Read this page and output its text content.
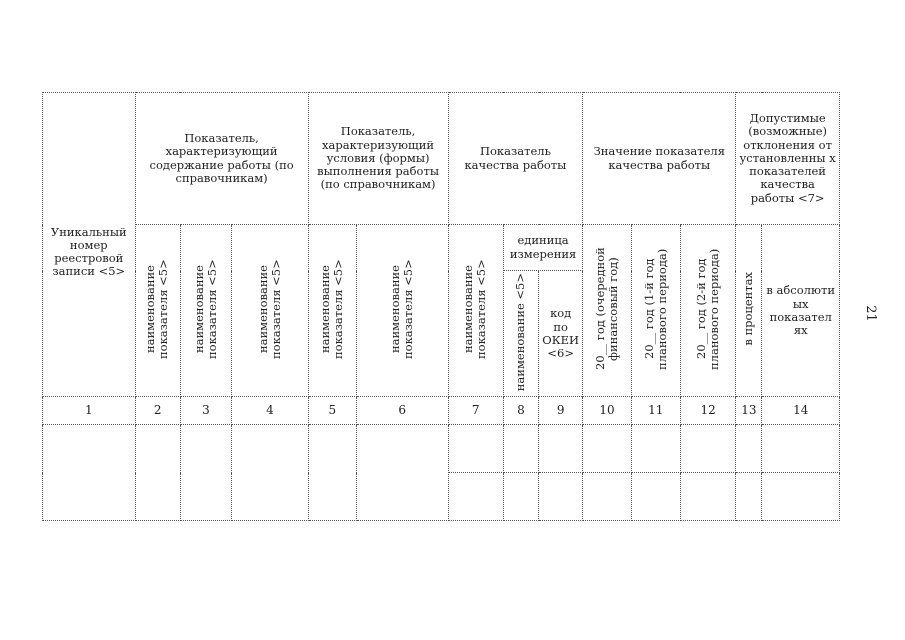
Уникальный номер реестровой записи <5>	Показатель, характеризующий содержание работы (по справочникам)			Показатель, характеризующий условия (формы) выполнения работы (по справочникам)		Показатель качества работы			Значение показателя качества работы			Допустимые (возможные) отклонения от установленны х показателей качества работы <7>	
	наименование показателя <5>	наименование показателя <5>	наименование показателя <5>	наименование показателя <5>	наименование показателя <5>	наименование показателя <5>	единица измерения		20__ год (очередной финансовый год)	20__ год (1-й год планового периода)	20__ год (2-й год планового периода)	в процентах	в абсолюти ых показател ях
							наименование <5>	код по ОКЕИ <6>					
1	2	3	4	5	6	7	8	9	10	11	12	13	14

21
